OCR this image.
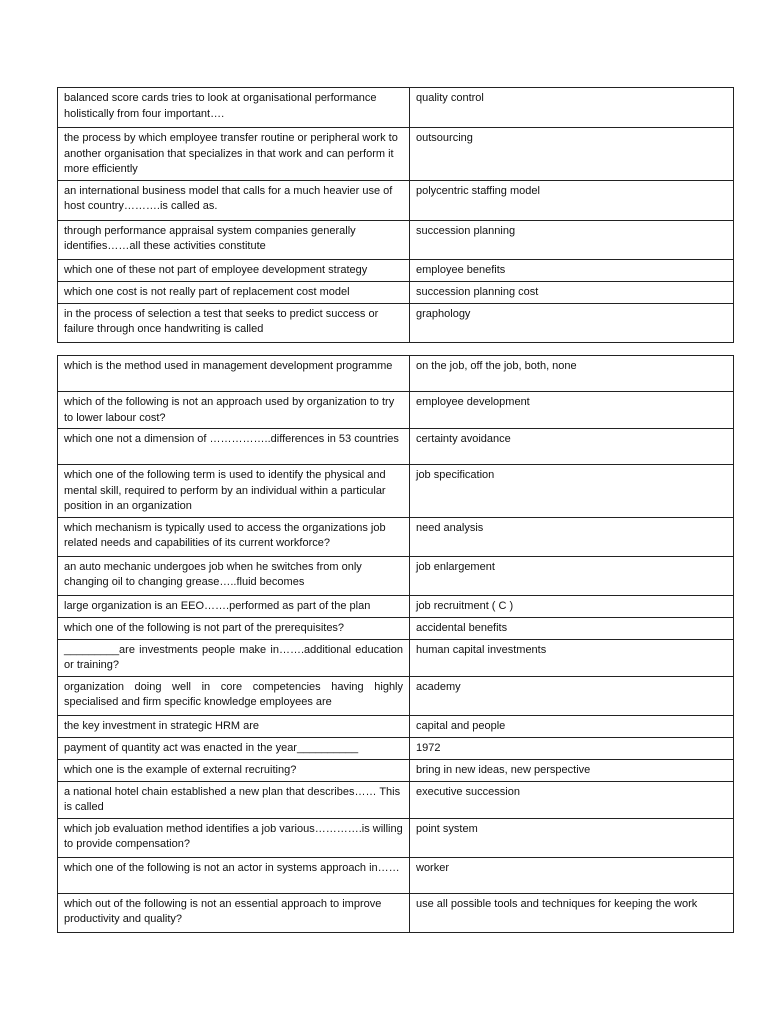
balanced score cards tries to look at organisational performance holistically from four important….	quality control
the process by which employee transfer routine or peripheral work to another organisation that specializes in that work and can perform it more efficiently	outsourcing
an international business model that calls for a much heavier use of host country……….is called as.	polycentric staffing model
through performance appraisal system companies generally identifies……all these activities constitute	succession planning
which one of these not part of employee development strategy	employee benefits
which one cost is not really part of replacement cost model	succession planning cost
in the process of selection a test that seeks to predict success or failure through once handwriting is called	graphology
which is the method used in management development programme	on the job, off the job, both, none
which of the following is not an approach used by organization to try to lower labour cost?	employee development
which one not a dimension of ……………..differences in 53 countries	certainty avoidance
which one of the following term is used to identify the physical and mental skill, required to perform by an individual within a particular position in an organization	job specification
which mechanism is typically used to access the organizations job related needs and capabilities of its current workforce?	need analysis
an auto mechanic undergoes job when he switches from only changing oil to changing grease…..fluid becomes	job enlargement
large organization is an EEO…….performed as part of the plan	job recruitment ( C )
which one of the following is not part of the prerequisites?	accidental benefits
_________are investments people make in…….additional education or training?	human capital investments
organization doing well in core competencies having highly specialised and firm specific knowledge employees are	academy
the key investment in strategic HRM are	capital and people
payment of quantity act was enacted in the year__________	1972
which one is the example of external recruiting?	bring in new ideas, new perspective
a national hotel chain established a new plan that describes…… This is called	executive succession
which job evaluation method identifies a job various………….is willing to provide compensation?	point system
which one of the following is not an actor in systems approach in……	worker
which out of the following is not an essential approach to improve productivity and quality?	use all possible tools and techniques for keeping the work
